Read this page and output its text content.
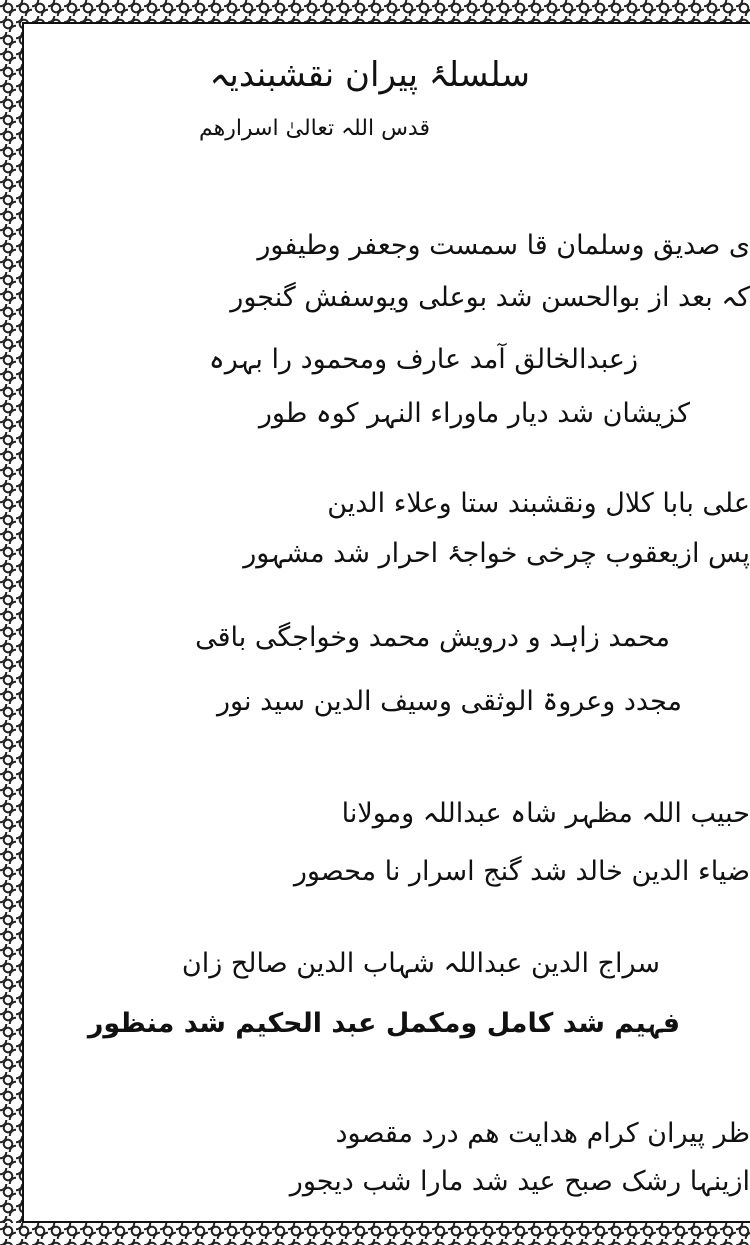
سلسلۂ پیران نقشبندیہ
قدس اللہ تعالیٰ اسرارھم
ی صدیق وسلمان قا سمست وجعفر وطیفور
کہ بعد از بوالحسن شد بوعلی ویوسفش گنجور
زعبدالخالق آمد عارف ومحمود را بہرہ
کزیشان شد دیار ماوراء النہر کوہ طور
علی بابا کلال ونقشبند ستا وعلاء الدین
پس ازیعقوب چرخی خواجۂ احرار شد مشہور
محمد زاہد و درویش محمد وخواجگی باقی
مجدد وعروۃ الوثقی وسیف الدین سید نور
حبیب اللہ مظہر شاہ عبداللہ ومولانا
ضیاء الدین خالد شد گنج اسرار نا محصور
سراج الدین عبداللہ شہاب الدین صالح زان
فہیم شد کامل ومکمل عبد الحکیم شد منظور
ظر پیران کرام ھدایت ھم درد مقصود
ازینہا رشک صبح عید شد مارا شب دیجور
